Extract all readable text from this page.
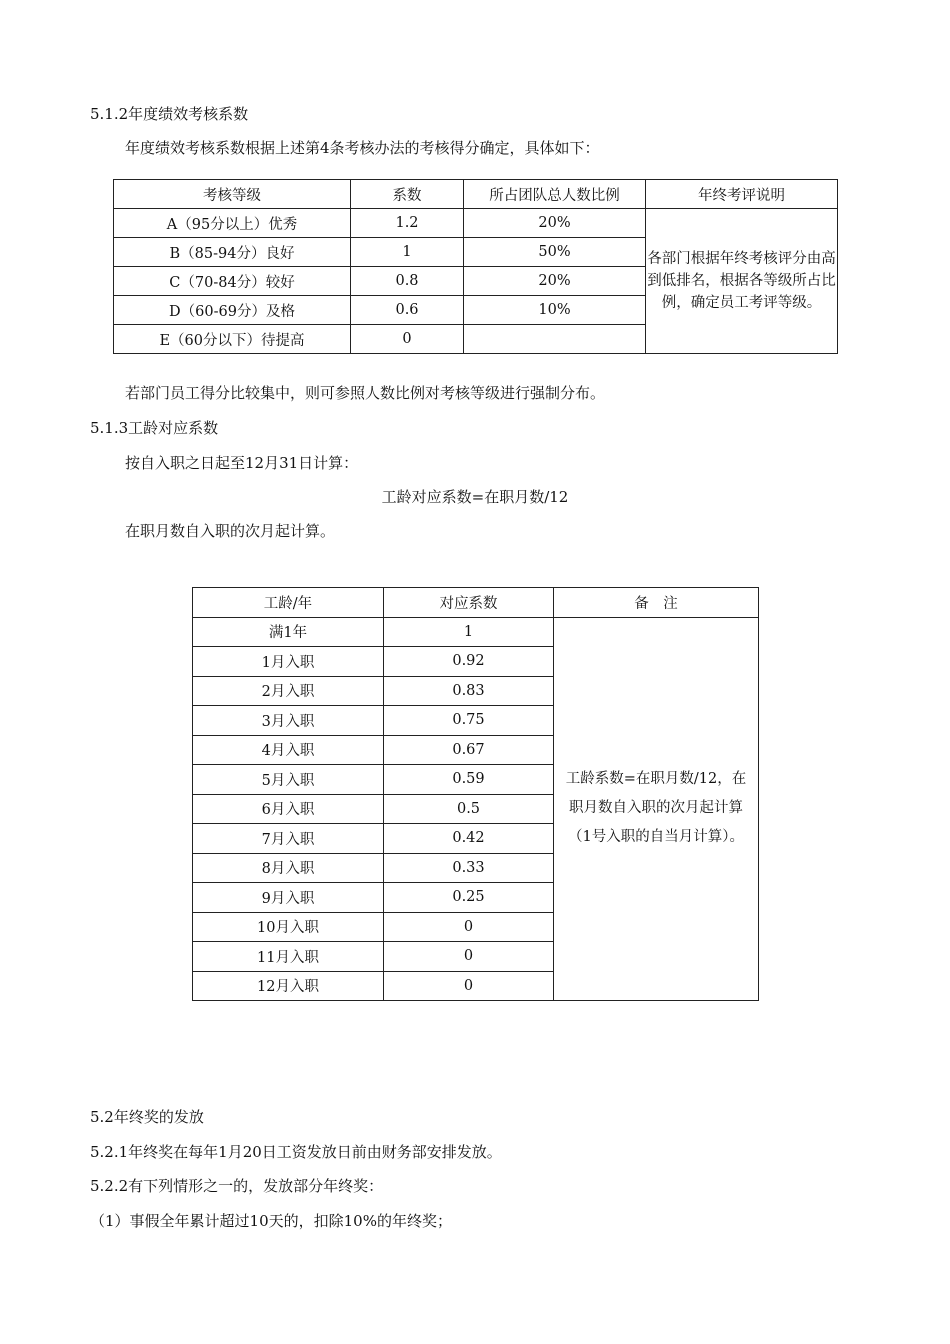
5.1.2年度绩效考核系数
年度绩效考核系数根据上述第4条考核办法的考核得分确定，具体如下：
考核等级	系数	所占团队总人数比例	年终考评说明
A（95分以上）优秀	1.2	20%	各部门根据年终考核评分由高到低排名，根据各等级所占比例，确定员工考评等级。
B（85-94分）良好	1	50%	
C（70-84分）较好	0.8	20%	
D（60-69分）及格	0.6	10%	
E（60分以下）待提高	0		
若部门员工得分比较集中，则可参照人数比例对考核等级进行强制分布。
5.1.3工龄对应系数
按自入职之日起至12月31日计算：
工龄对应系数=在职月数/12
在职月数自入职的次月起计算。
工龄/年	对应系数	备　注
满1年	1	工龄系数=在职月数/12，在职月数自入职的次月起计算（1号入职的自当月计算）。
1月入职	0.92	
2月入职	0.83	
3月入职	0.75	
4月入职	0.67	
5月入职	0.59	
6月入职	0.5	
7月入职	0.42	
8月入职	0.33	
9月入职	0.25	
10月入职	0	
11月入职	0	
12月入职	0	
5.2年终奖的发放
5.2.1年终奖在每年1月20日工资发放日前由财务部安排发放。
5.2.2有下列情形之一的，发放部分年终奖：
（1）事假全年累计超过10天的，扣除10%的年终奖；
